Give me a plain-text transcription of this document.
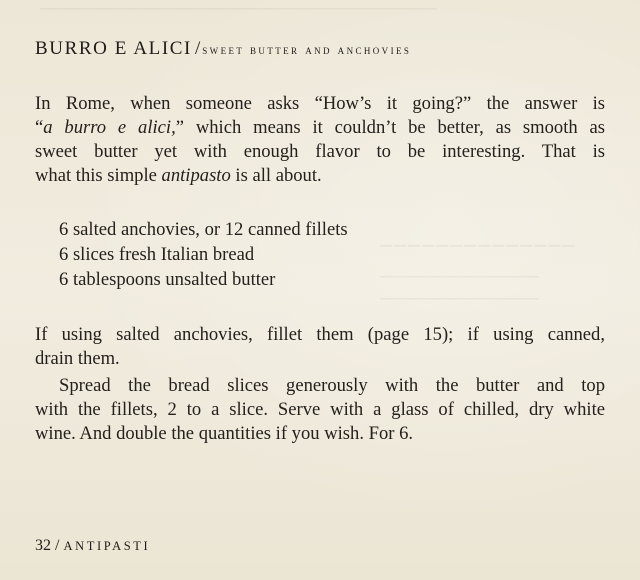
​────────────────────────────────────────
──────────────
────────────────
────────────────
BURRO E ALICI / sweet butter and anchovies
In Rome, when someone asks “How’s it going?” the answer is
“a burro e alici,” which means it couldn’t be better, as smooth as
sweet butter yet with enough flavor to be interesting. That is
what this simple antipasto is all about.
6 salted anchovies, or 12 canned fillets
6 slices fresh Italian bread
6 tablespoons unsalted butter
If using salted anchovies, fillet them (page 15); if using canned,
drain them.
Spread the bread slices generously with the butter and top
with the fillets, 2 to a slice. Serve with a glass of chilled, dry white
wine. And double the quantities if you wish. For 6.
32 / ANTIPASTI
